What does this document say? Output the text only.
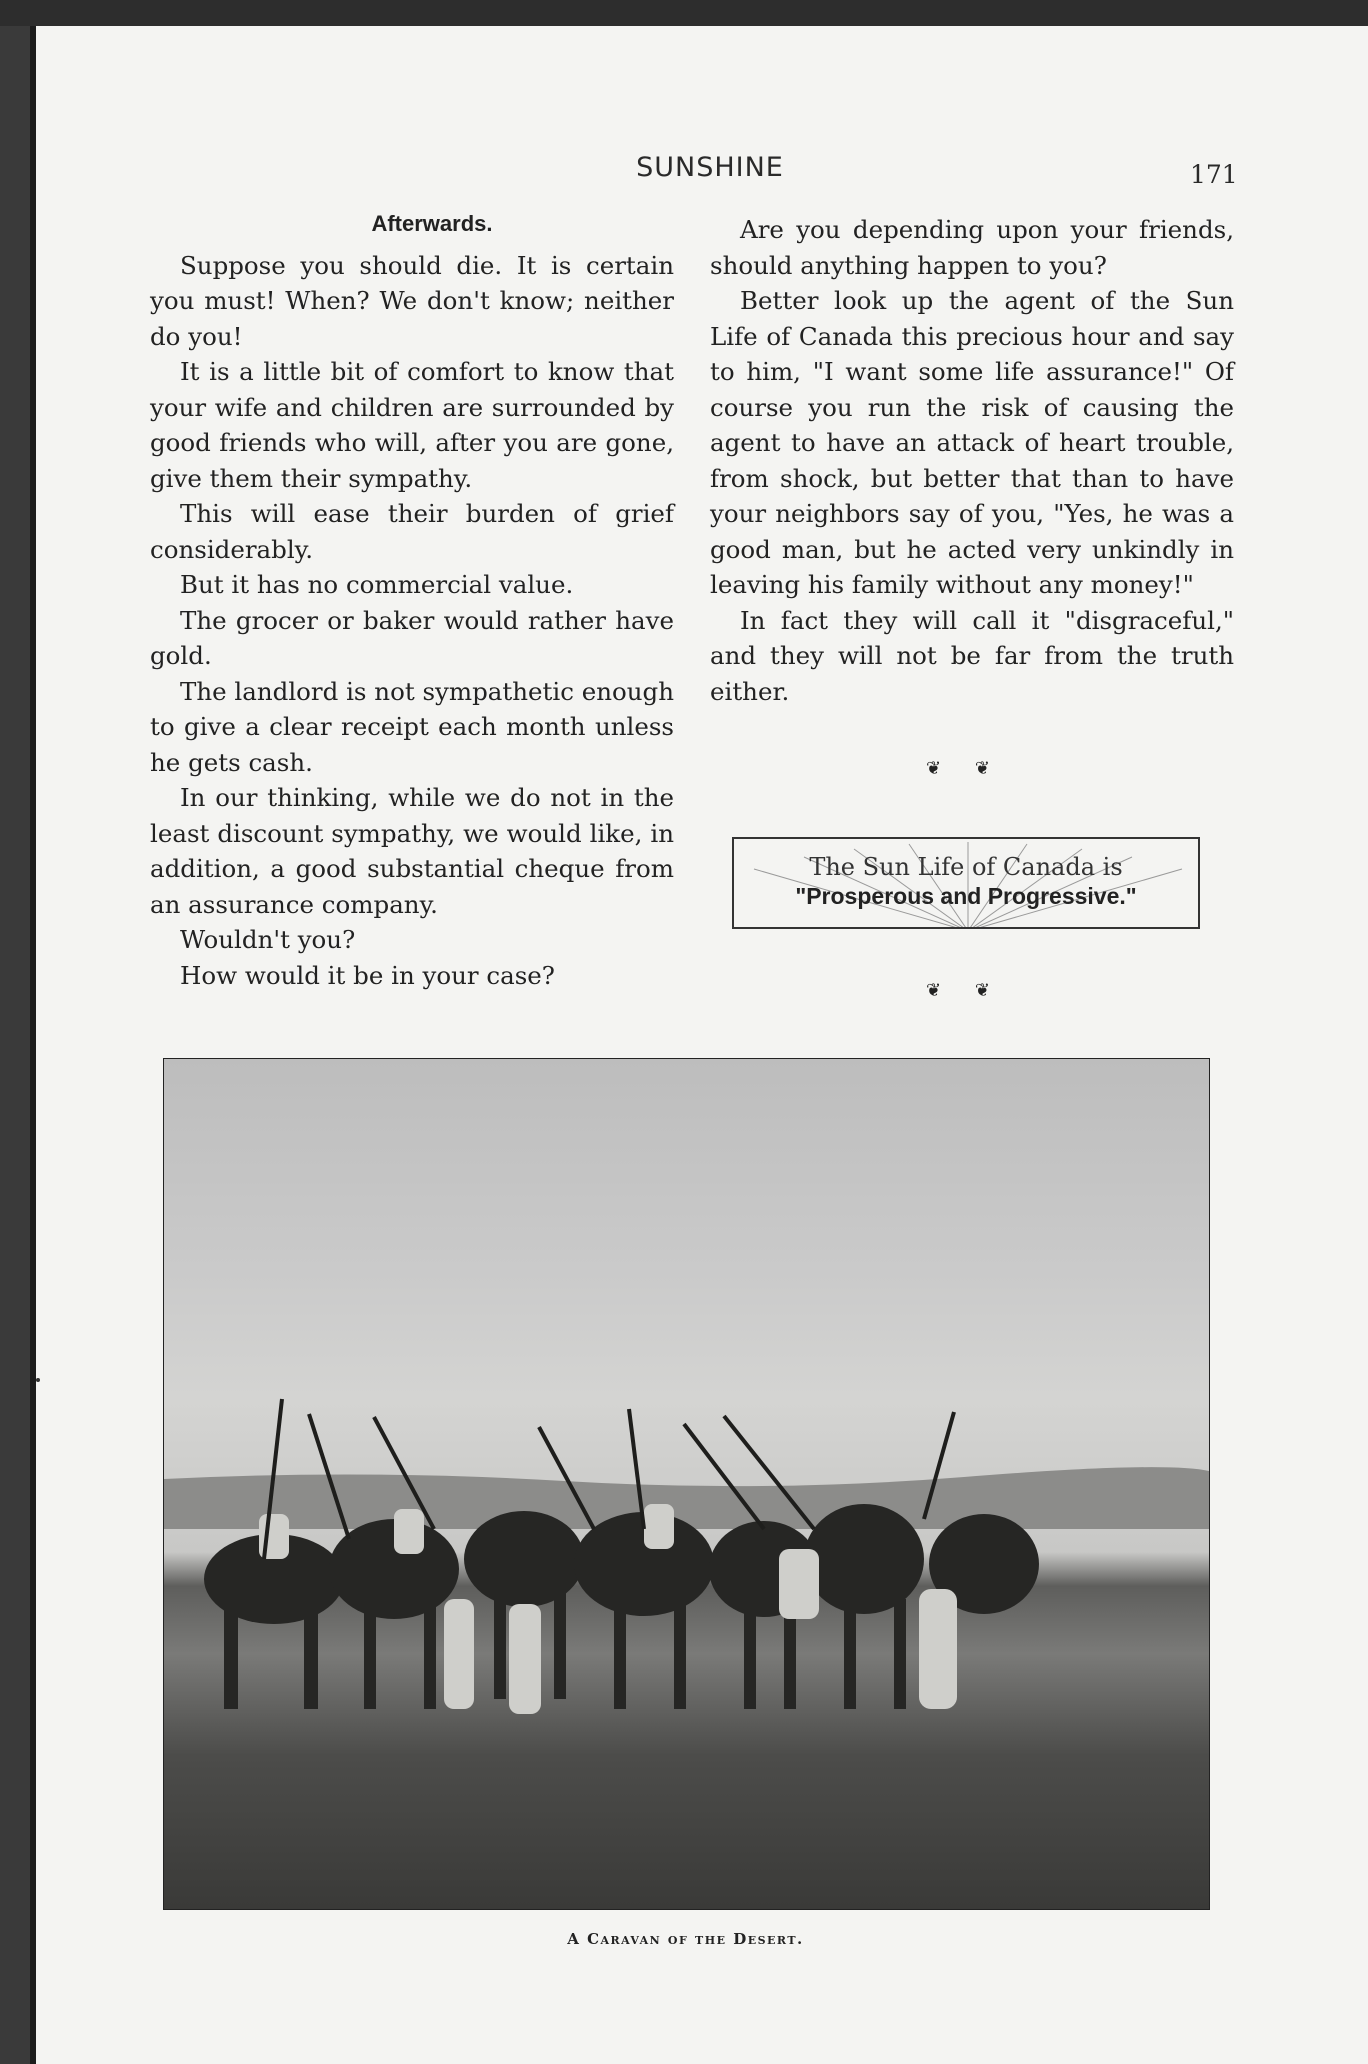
SUNSHINE	171

Afterwards.

Suppose you should die. It is certain you must! When? We don't know; neither do you!

It is a little bit of comfort to know that your wife and children are surrounded by good friends who will, after you are gone, give them their sympathy.

This will ease their burden of grief considerably.

But it has no commercial value.

The grocer or baker would rather have gold.

The landlord is not sympathetic enough to give a clear receipt each month unless he gets cash.

In our thinking, while we do not in the least discount sympathy, we would like, in addition, a good substantial cheque from an assurance company.

Wouldn't you?

How would it be in your case?

Are you depending upon your friends, should anything happen to you?

Better look up the agent of the Sun Life of Canada this precious hour and say to him, "I want some life assurance!" Of course you run the risk of causing the agent to have an attack of heart trouble, from shock, but better that than to have your neighbors say of you, "Yes, he was a good man, but he acted very unkindly in leaving his family without any money!"

In fact they will call it "disgraceful," and they will not be far from the truth either.

❦ ❦
The Sun Life of Canada is
"Prosperous and Progressive."
❦ ❦
A Caravan of the Desert.
